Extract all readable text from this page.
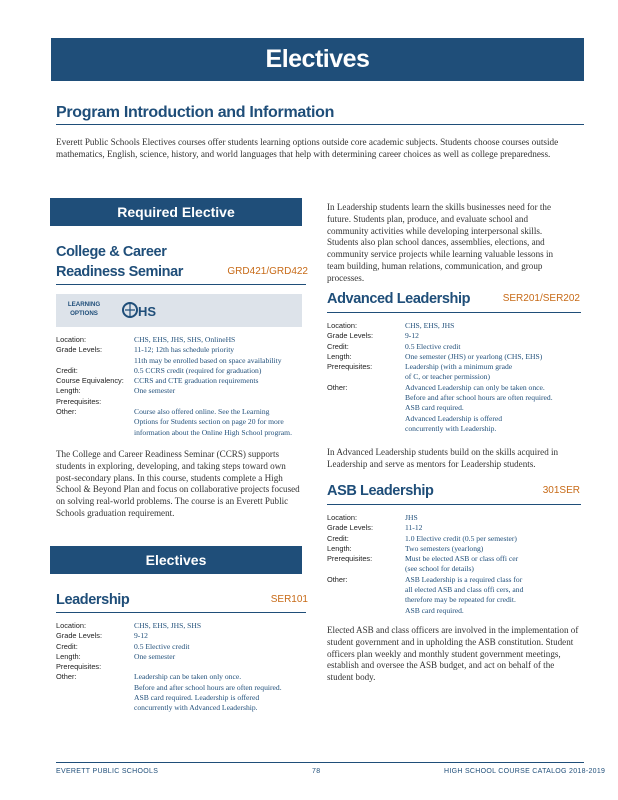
Electives
Program Introduction and Information
Everett Public Schools Electives courses offer students learning options outside core academic subjects. Students choose courses outside mathematics, English, science, history, and world languages that help with determining career choices as well as college preparedness.
Required Elective
College & Career
Readiness Seminar	GRD421/GRD422
LEARNING
OPTIONS	HS
Location:	CHS, EHS, JHS, SHS, OnlineHS
Grade Levels:	11-12; 12th has schedule priority
11th may be enrolled based on space availability
Credit:	0.5 CCRS credit (required for graduation)
Course Equivalency:	CCRS and CTE graduation requirements
Length:	One semester
Prerequisites:
Other:	Course also offered online. See the Learning
Options for Students section on page 20 for more
information about the Online High School program.
The College and Career Readiness Seminar (CCRS) supports students in exploring, developing, and taking steps toward own post-secondary plans. In this course, students complete a High School & Beyond Plan and focus on collaborative projects focused on solving real-world problems. The course is an Everett Public Schools graduation requirement.
Electives
Leadership	SER101
Location:	CHS, EHS, JHS, SHS
Grade Levels:	9-12
Credit:	0.5 Elective credit
Length:	One semester
Prerequisites:
Other:	Leadership can be taken only once.
Before and after school hours are often required.
ASB card required. Leadership is offered
concurrently with Advanced Leadership.
In Leadership students learn the skills businesses need for the future. Students plan, produce, and evaluate school and community activities while developing interpersonal skills. Students also plan school dances, assemblies, elections, and community service projects while learning valuable lessons in team building, human relations, communication, and group processes.
Advanced Leadership	SER201/SER202
Location:	CHS, EHS, JHS
Grade Levels:	9-12
Credit:	0.5 Elective credit
Length:	One semester (JHS) or yearlong (CHS, EHS)
Prerequisites:	Leadership (with a minimum grade
of C, or teacher permission)
Other:	Advanced Leadership can only be taken once.
Before and after school hours are often required.
ASB card required.
Advanced Leadership is offered
concurrently with Leadership.
In Advanced Leadership students build on the skills acquired in Leadership and serve as mentors for Leadership students.
ASB Leadership	301SER
Location:	JHS
Grade Levels:	11-12
Credit:	1.0 Elective credit (0.5 per semester)
Length:	Two semesters (yearlong)
Prerequisites:	Must be elected ASB or class offi cer
(see school for details)
Other:	ASB Leadership is a required class for
all elected ASB and class offi cers, and
therefore may be repeated for credit.
ASB card required.
Elected ASB and class officers are involved in the implementation of student government and in upholding the ASB constitution. Student officers plan weekly and monthly student government meetings, establish and oversee the ASB budget, and act on behalf of the student body.
EVERETT PUBLIC SCHOOLS	78	HIGH SCHOOL COURSE CATALOG 2018-2019
